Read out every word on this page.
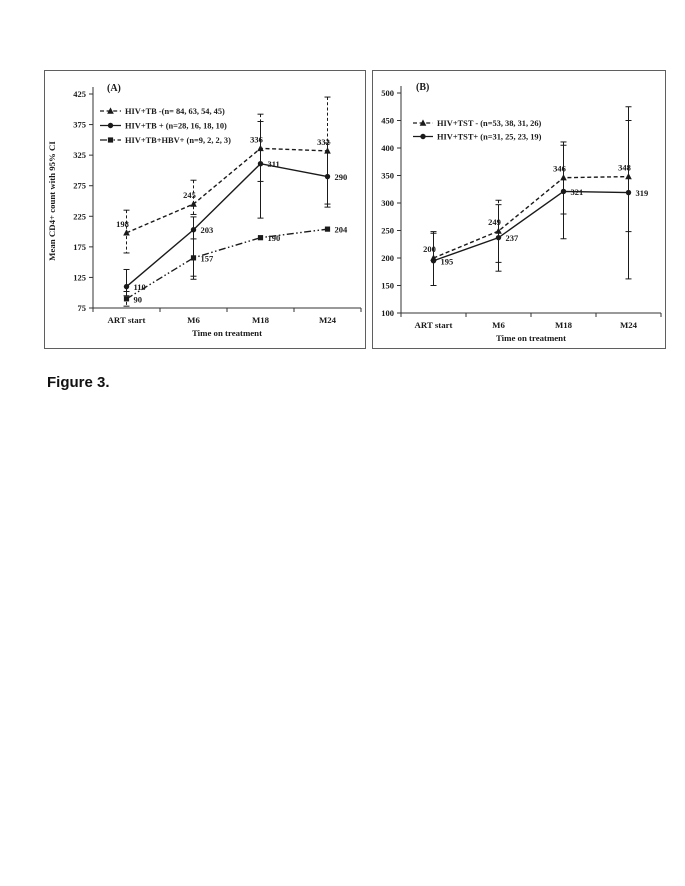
75
125
175
225
275
325
375
425
ART start	M6	M18	M24
Time on treatment
Mean CD4+ count with 95% CI
(A)
HIV+TB -(n= 84, 63, 54, 45)
HIV+TB + (n=28, 16, 18, 10)
HIV+TB+HBV+ (n=9, 2, 2, 3)
198
245
336	332
110
203
311
290
90
157
190
204
100
150
200
250
300
350
400
450
500
ART start	M6	M18	M24
Time on treatment
(B)
HIV+TST - (n=53, 38, 31, 26)
HIV+TST+ (n=31, 25, 23, 19)
200
249
346	348
195
237
321	319
Figure 3.
